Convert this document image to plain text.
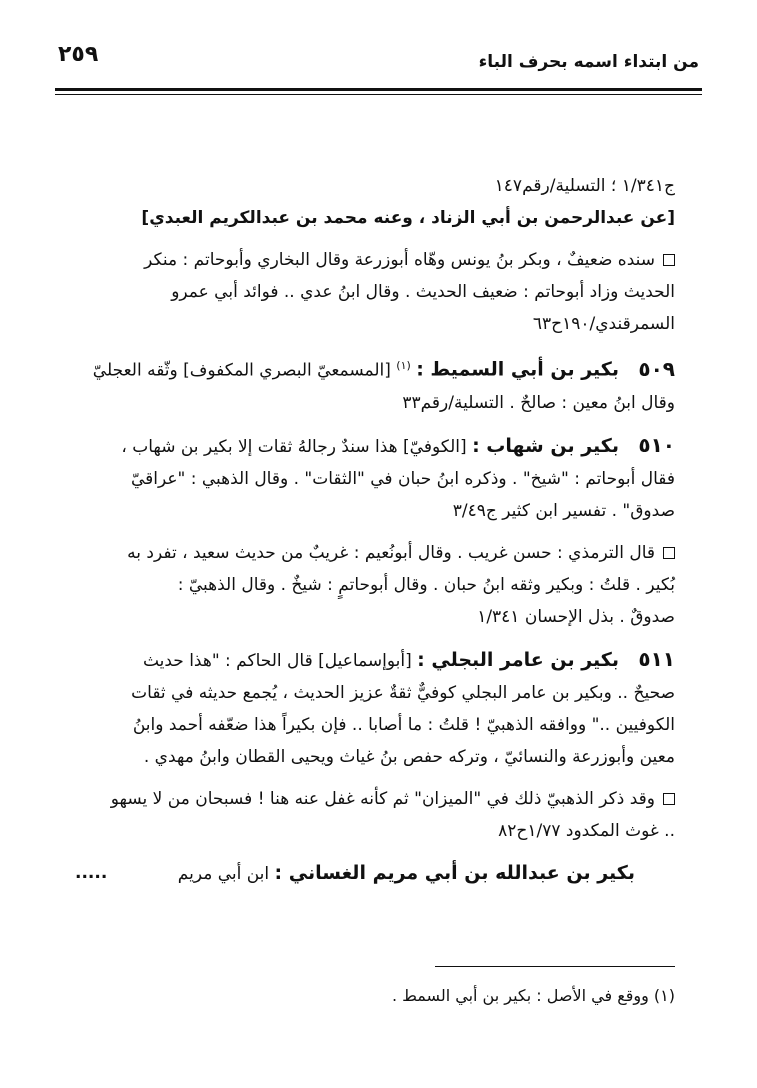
٢٥٩	من ابتداء اسمه بحرف الباء

ج١/٣٤١ ؛ التسلية/رقم١٤٧

[عن عبدالرحمن بن أبي الزناد ، وعنه محمد بن عبدالكريم العبدي]

سنده ضعيفٌ ، وبكر بنُ يونس وهّاه أبوزرعة وقال البخاري وأبوحاتم : منكر

الحديث وزاد أبوحاتم : ضعيف الحديث . وقال ابنُ عدي .. فوائد أبي عمرو

السمرقندي/١٩٠ح٦٣

٥٠٩ بكير بن أبي السميط : $^{(١)}$ [المسمعيّ البصري المكفوف] وثّقه العجليّ

وقال ابنُ معين : صالحٌ . التسلية/رقم٣٣

٥١٠ بكير بن شهاب : [الكوفيّ] هذا سندٌ رجالهُ ثقات إلا بكير بن شهاب ،

فقال أبوحاتم : "شيخ" . وذكره ابنُ حبان في "الثقات" . وقال الذهبي : "عراقيّ

صدوق" . تفسير ابن كثير ج٣/٤٩

قال الترمذي : حسن غريب . وقال أبونُعيم : غريبٌ من حديث سعيد ، تفرد به

بُكير . قلتُ : وبكير وثقه ابنُ حبان . وقال أبوحاتمٍ : شيخٌ . وقال الذهبيّ :

صدوقٌ . بذل الإحسان ١/٣٤١

٥١١ بكير بن عامر البجلي : [أبوإسماعيل] قال الحاكم : "هذا حديث

صحيحٌ .. وبكير بن عامر البجلي كوفيٌّ ثقةٌ عزيز الحديث ، يُجمع حديثه في ثقات

الكوفيين .." ووافقه الذهبيّ ! قلتُ : ما أصابا .. فإن بكيراً هذا ضعّفه أحمد وابنُ

معين وأبوزرعة والنسائيّ ، وتركه حفص بنُ غياث ويحيى القطان وابنُ مهدي .

وقد ذكر الذهبيّ ذلك في "الميزان" ثم كأنه غفل عنه هنا ! فسبحان من لا يسهو

.. غوث المكدود ١/٧٧ح٨٢

بكير بن عبدالله بن أبي مريم الغساني : ابن أبي مريم
.....

(١) ووقع في الأصل : بكير بن أبي السمط .
